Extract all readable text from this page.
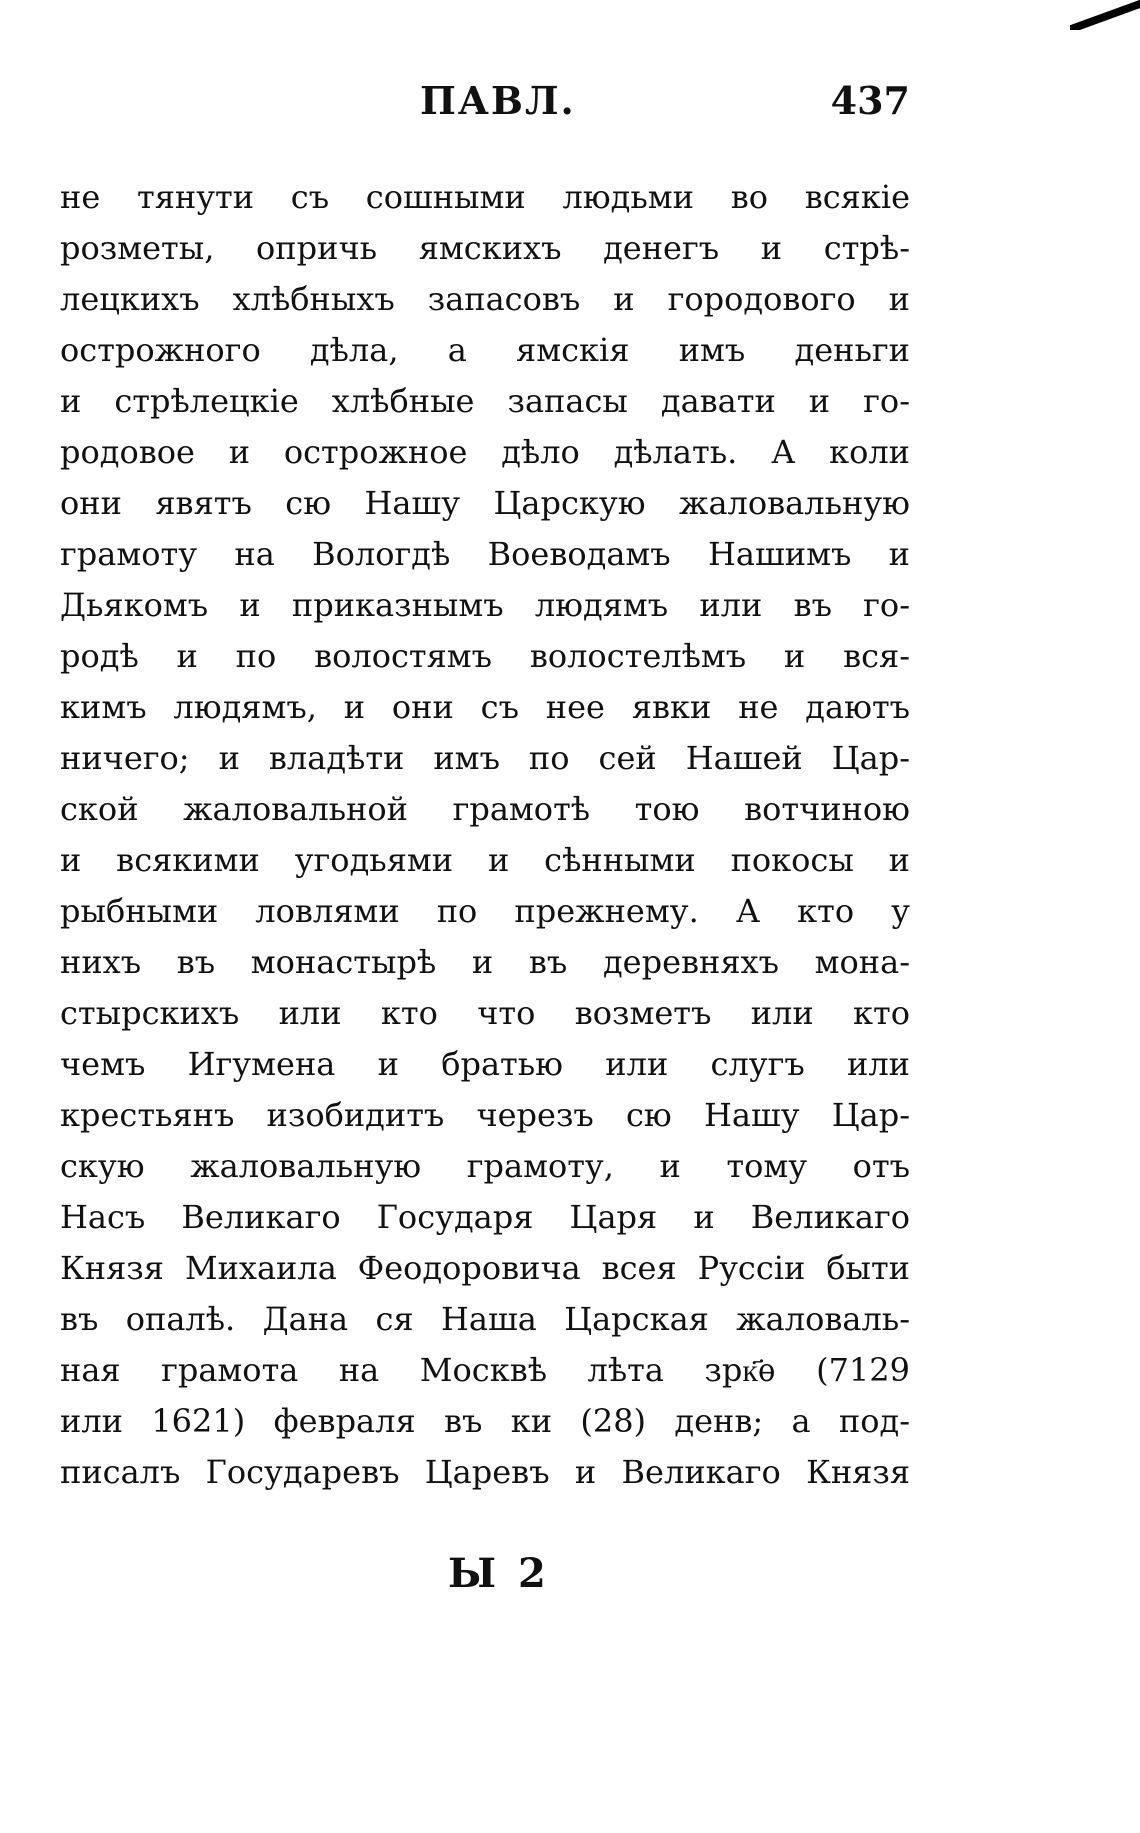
ПАВЛ.	437
не тянути съ сошными людьми во всякіе
розметы, опричь ямскихъ денегъ и стрѣ-
лецкихъ хлѣбныхъ запасовъ и городового и
острожного дѣла, а ямскія имъ деньги
и стрѣлецкіе хлѣбные запасы давати и го-
родовое и острожное дѣло дѣлать. А коли
они явятъ сю Нашу Царскую жаловальную
грамоту на Вологдѣ Воеводамъ Нашимъ и
Дьякомъ и приказнымъ людямъ или въ го-
родѣ и по волостямъ волостелѣмъ и вся-
кимъ людямъ, и они съ нее явки не даютъ
ничего; и владѣти имъ по сей Нашей Цар-
ской жаловальной грамотѣ тою вотчиною
и всякими угодьями и сѣнными покосы и
рыбными ловлями по прежнему. А кто у
нихъ въ монастырѣ и въ деревняхъ мона-
стырскихъ или кто что возметъ или кто
чемъ Игумена и братью или слугъ или
крестьянъ изобидитъ черезъ сю Нашу Цар-
скую жаловальную грамоту, и тому отъ
Насъ Великаго Государя Царя и Великаго
Князя Михаила Феодоровича всея Руссіи быти
въ опалѣ. Дана ся Наша Царская жаловаль-
ная грамота на Москвѣ лѣта зрк҃ѳ (7129
или 1621) февраля въ ки (28) денв; а под-
писалъ Государевъ Царевъ и Великаго Князя
Ы 2
